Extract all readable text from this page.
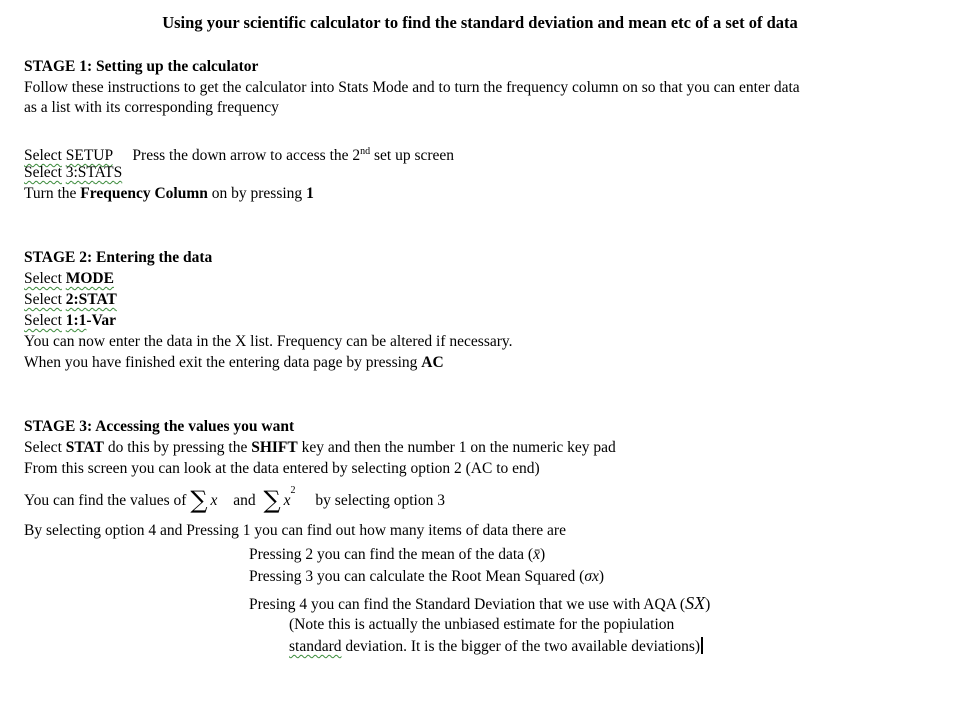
Using your scientific calculator to find the standard deviation and mean etc of a set of data
STAGE 1: Setting up the calculator
Follow these instructions to get the calculator into Stats Mode and to turn the frequency column on so that you can enter data
as a list with its corresponding frequency
Select SETUP Press the down arrow to access the 2nd set up screen
Select 3:STATS
Turn the Frequency Column on by pressing 1
STAGE 2: Entering the data
Select MODE
Select 2:STAT
Select 1:1-Var
You can now enter the data in the X list. Frequency can be altered if necessary.
When you have finished exit the entering data page by pressing AC
STAGE 3: Accessing the values you want
Select STAT do this by pressing the SHIFT key and then the number 1 on the numeric key pad
From this screen you can look at the data entered by selecting option 2 (AC to end)
You can find the values of ∑ x and ∑ $x^2$ by selecting option 3
By selecting option 4 and Pressing 1 you can find out how many items of data there are
Pressing 2 you can find the mean of the data (x̄)
Pressing 3 you can calculate the Root Mean Squared (σx)
Presing 4 you can find the Standard Deviation that we use with AQA (SX)
(Note this is actually the unbiased estimate for the popiulation
standard deviation. It is the bigger of the two available deviations)
